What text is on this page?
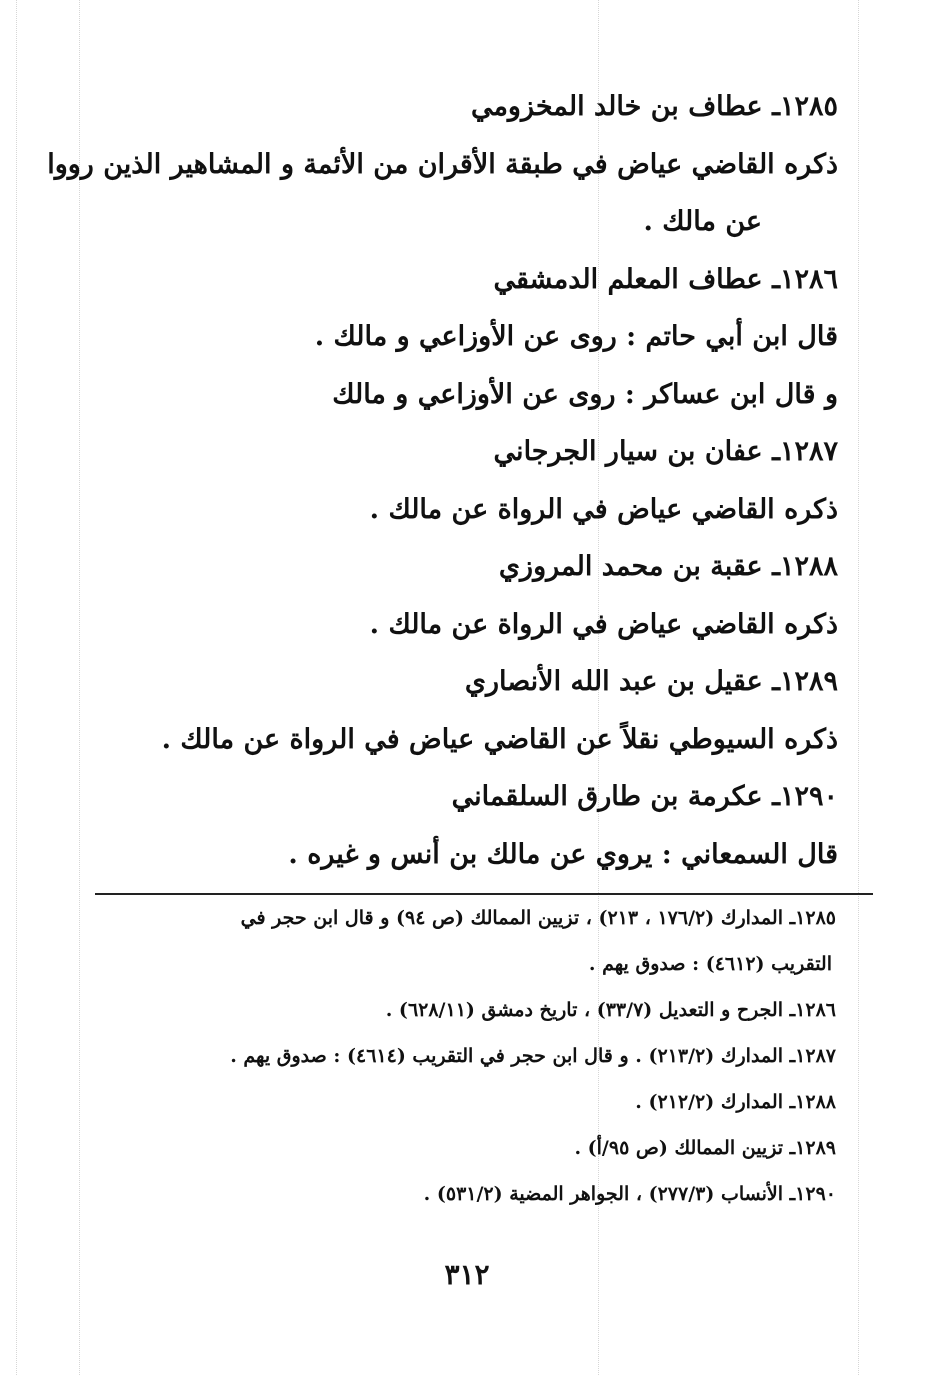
١٢٨٥ـ عطاف بن خالد المخزومي
ذكره القاضي عياض في طبقة الأقران من الأئمة و المشاهير الذين رووا
عن مالك .
١٢٨٦ـ عطاف المعلم الدمشقي
قال ابن أبي حاتم : روى عن الأوزاعي و مالك .
و قال ابن عساكر : روى عن الأوزاعي و مالك
١٢٨٧ـ عفان بن سيار الجرجاني
ذكره القاضي عياض في الرواة عن مالك .
١٢٨٨ـ عقبة بن محمد المروزي
ذكره القاضي عياض في الرواة عن مالك .
١٢٨٩ـ عقيل بن عبد الله الأنصاري
ذكره السيوطي نقلاً عن القاضي عياض في الرواة عن مالك .
١٢٩٠ـ عكرمة بن طارق السلقماني
قال السمعاني : يروي عن مالك بن أنس و غيره .
١٢٨٥ـ المدارك (١٧٦/٢ ، ٢١٣) ، تزيين الممالك (ص ٩٤) و قال ابن حجر في
التقريب (٤٦١٢) : صدوق يهم .
١٢٨٦ـ الجرح و التعديل (٣٣/٧) ، تاريخ دمشق (٦٢٨/١١) .
١٢٨٧ـ المدارك (٢١٣/٢) . و قال ابن حجر في التقريب (٤٦١٤) : صدوق يهم .
١٢٨٨ـ المدارك (٢١٢/٢) .
١٢٨٩ـ تزيين الممالك (ص ٩٥/أ) .
١٢٩٠ـ الأنساب (٢٧٧/٣) ، الجواهر المضية (٥٣١/٢) .
٣١٢
